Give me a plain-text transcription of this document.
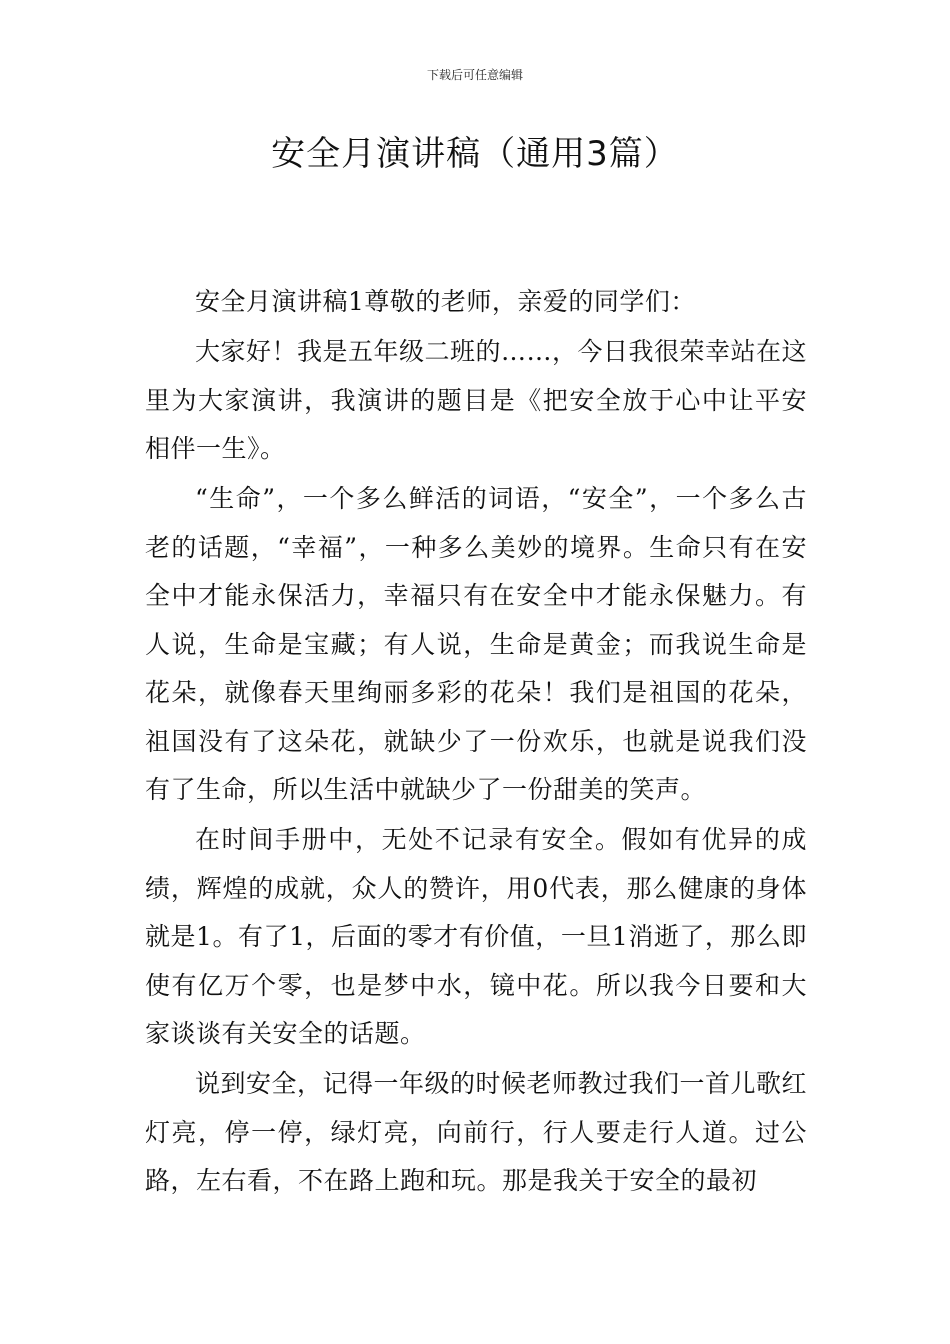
下载后可任意编辑
安全月演讲稿（通用3篇）

安全月演讲稿1尊敬的老师，亲爱的同学们：

大家好！我是五年级二班的……，今日我很荣幸站在这里为大家演讲，我演讲的题目是《把安全放于心中让平安相伴一生》。

“生命”，一个多么鲜活的词语，“安全”，一个多么古老的话题，“幸福”，一种多么美妙的境界。生命只有在安全中才能永保活力，幸福只有在安全中才能永保魅力。有人说，生命是宝藏；有人说，生命是黄金；而我说生命是花朵，就像春天里绚丽多彩的花朵！我们是祖国的花朵，祖国没有了这朵花，就缺少了一份欢乐，也就是说我们没有了生命，所以生活中就缺少了一份甜美的笑声。

在时间手册中，无处不记录有安全。假如有优异的成绩，辉煌的成就，众人的赞许，用0代表，那么健康的身体就是1。有了1，后面的零才有价值，一旦1消逝了，那么即使有亿万个零，也是梦中水，镜中花。所以我今日要和大家谈谈有关安全的话题。

说到安全，记得一年级的时候老师教过我们一首儿歌红灯亮，停一停，绿灯亮，向前行，行人要走行人道。过公路，左右看，不在路上跑和玩。那是我关于安全的最初
